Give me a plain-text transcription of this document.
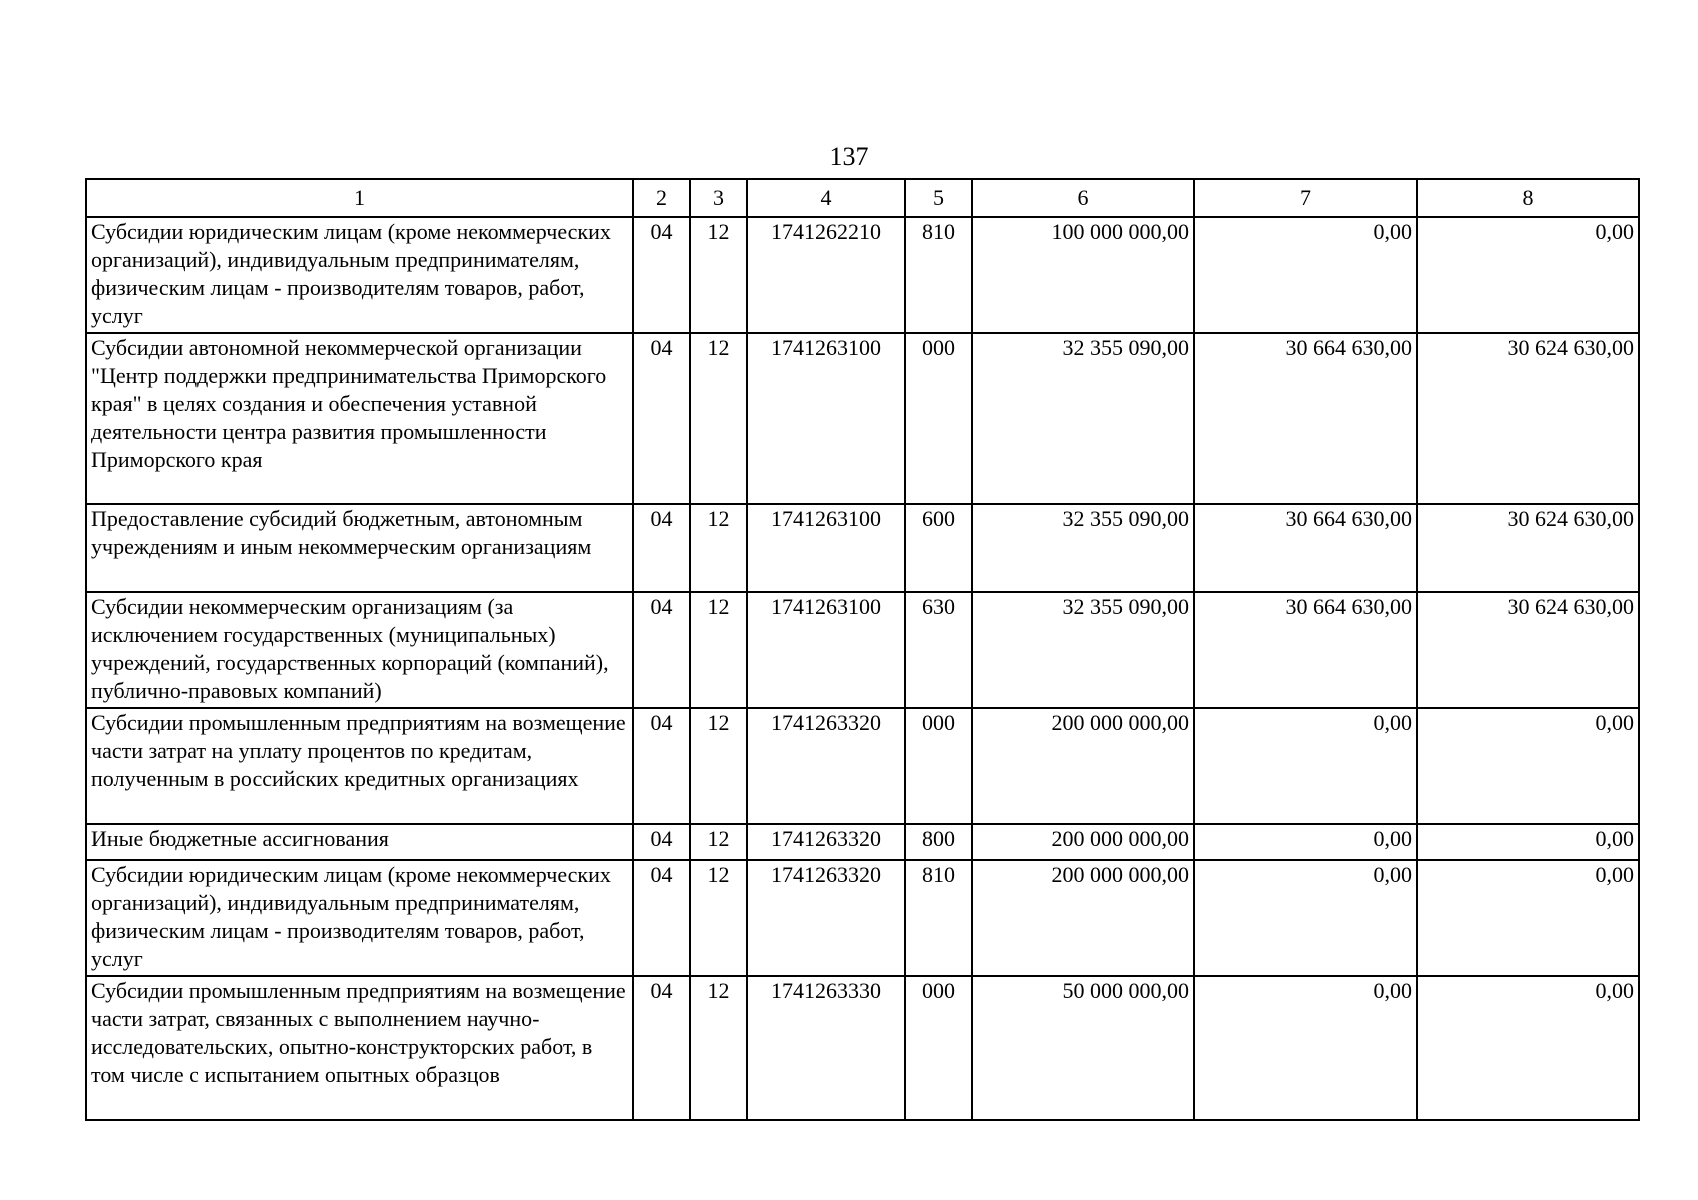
137
1	2	3	4	5	6	7	8
Субсидии юридическим лицам (кроме некоммерческих организаций), индивидуальным предпринимателям, физическим лицам - производителям товаров, работ, услуг	04	12	1741262210	810	100 000 000,00	0,00	0,00
Субсидии автономной некоммерческой организации "Центр поддержки предпринимательства Приморского края" в целях создания и обеспечения уставной деятельности центра развития промышленности Приморского края	04	12	1741263100	000	32 355 090,00	30 664 630,00	30 624 630,00
Предоставление субсидий бюджетным, автономным учреждениям и иным некоммерческим организациям	04	12	1741263100	600	32 355 090,00	30 664 630,00	30 624 630,00
Субсидии некоммерческим организациям (за исключением государственных (муниципальных) учреждений, государственных корпораций (компаний), публично-правовых компаний)	04	12	1741263100	630	32 355 090,00	30 664 630,00	30 624 630,00
Субсидии промышленным предприятиям на возмещение части затрат на уплату процентов по кредитам, полученным в российских кредитных организациях	04	12	1741263320	000	200 000 000,00	0,00	0,00
Иные бюджетные ассигнования	04	12	1741263320	800	200 000 000,00	0,00	0,00
Субсидии юридическим лицам (кроме некоммерческих организаций), индивидуальным предпринимателям, физическим лицам - производителям товаров, работ, услуг	04	12	1741263320	810	200 000 000,00	0,00	0,00
Субсидии промышленным предприятиям на возмещение части затрат, связанных с выполнением научно-исследовательских, опытно-конструкторских работ, в том числе с испытанием опытных образцов	04	12	1741263330	000	50 000 000,00	0,00	0,00
